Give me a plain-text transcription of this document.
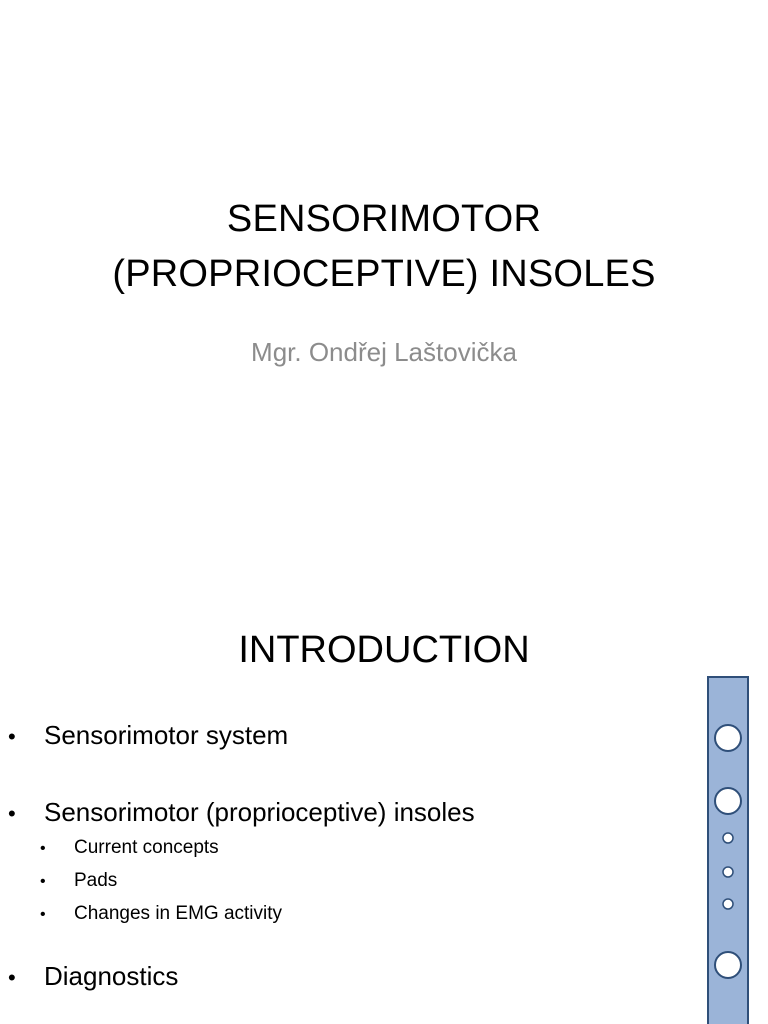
SENSORIMOTOR
(PROPRIOCEPTIVE) INSOLES
Mgr. Ondřej Laštovička
INTRODUCTION
• Sensorimotor system
• Sensorimotor (proprioceptive) insoles
• Current concepts
• Pads
• Changes in EMG activity
• Diagnostics
